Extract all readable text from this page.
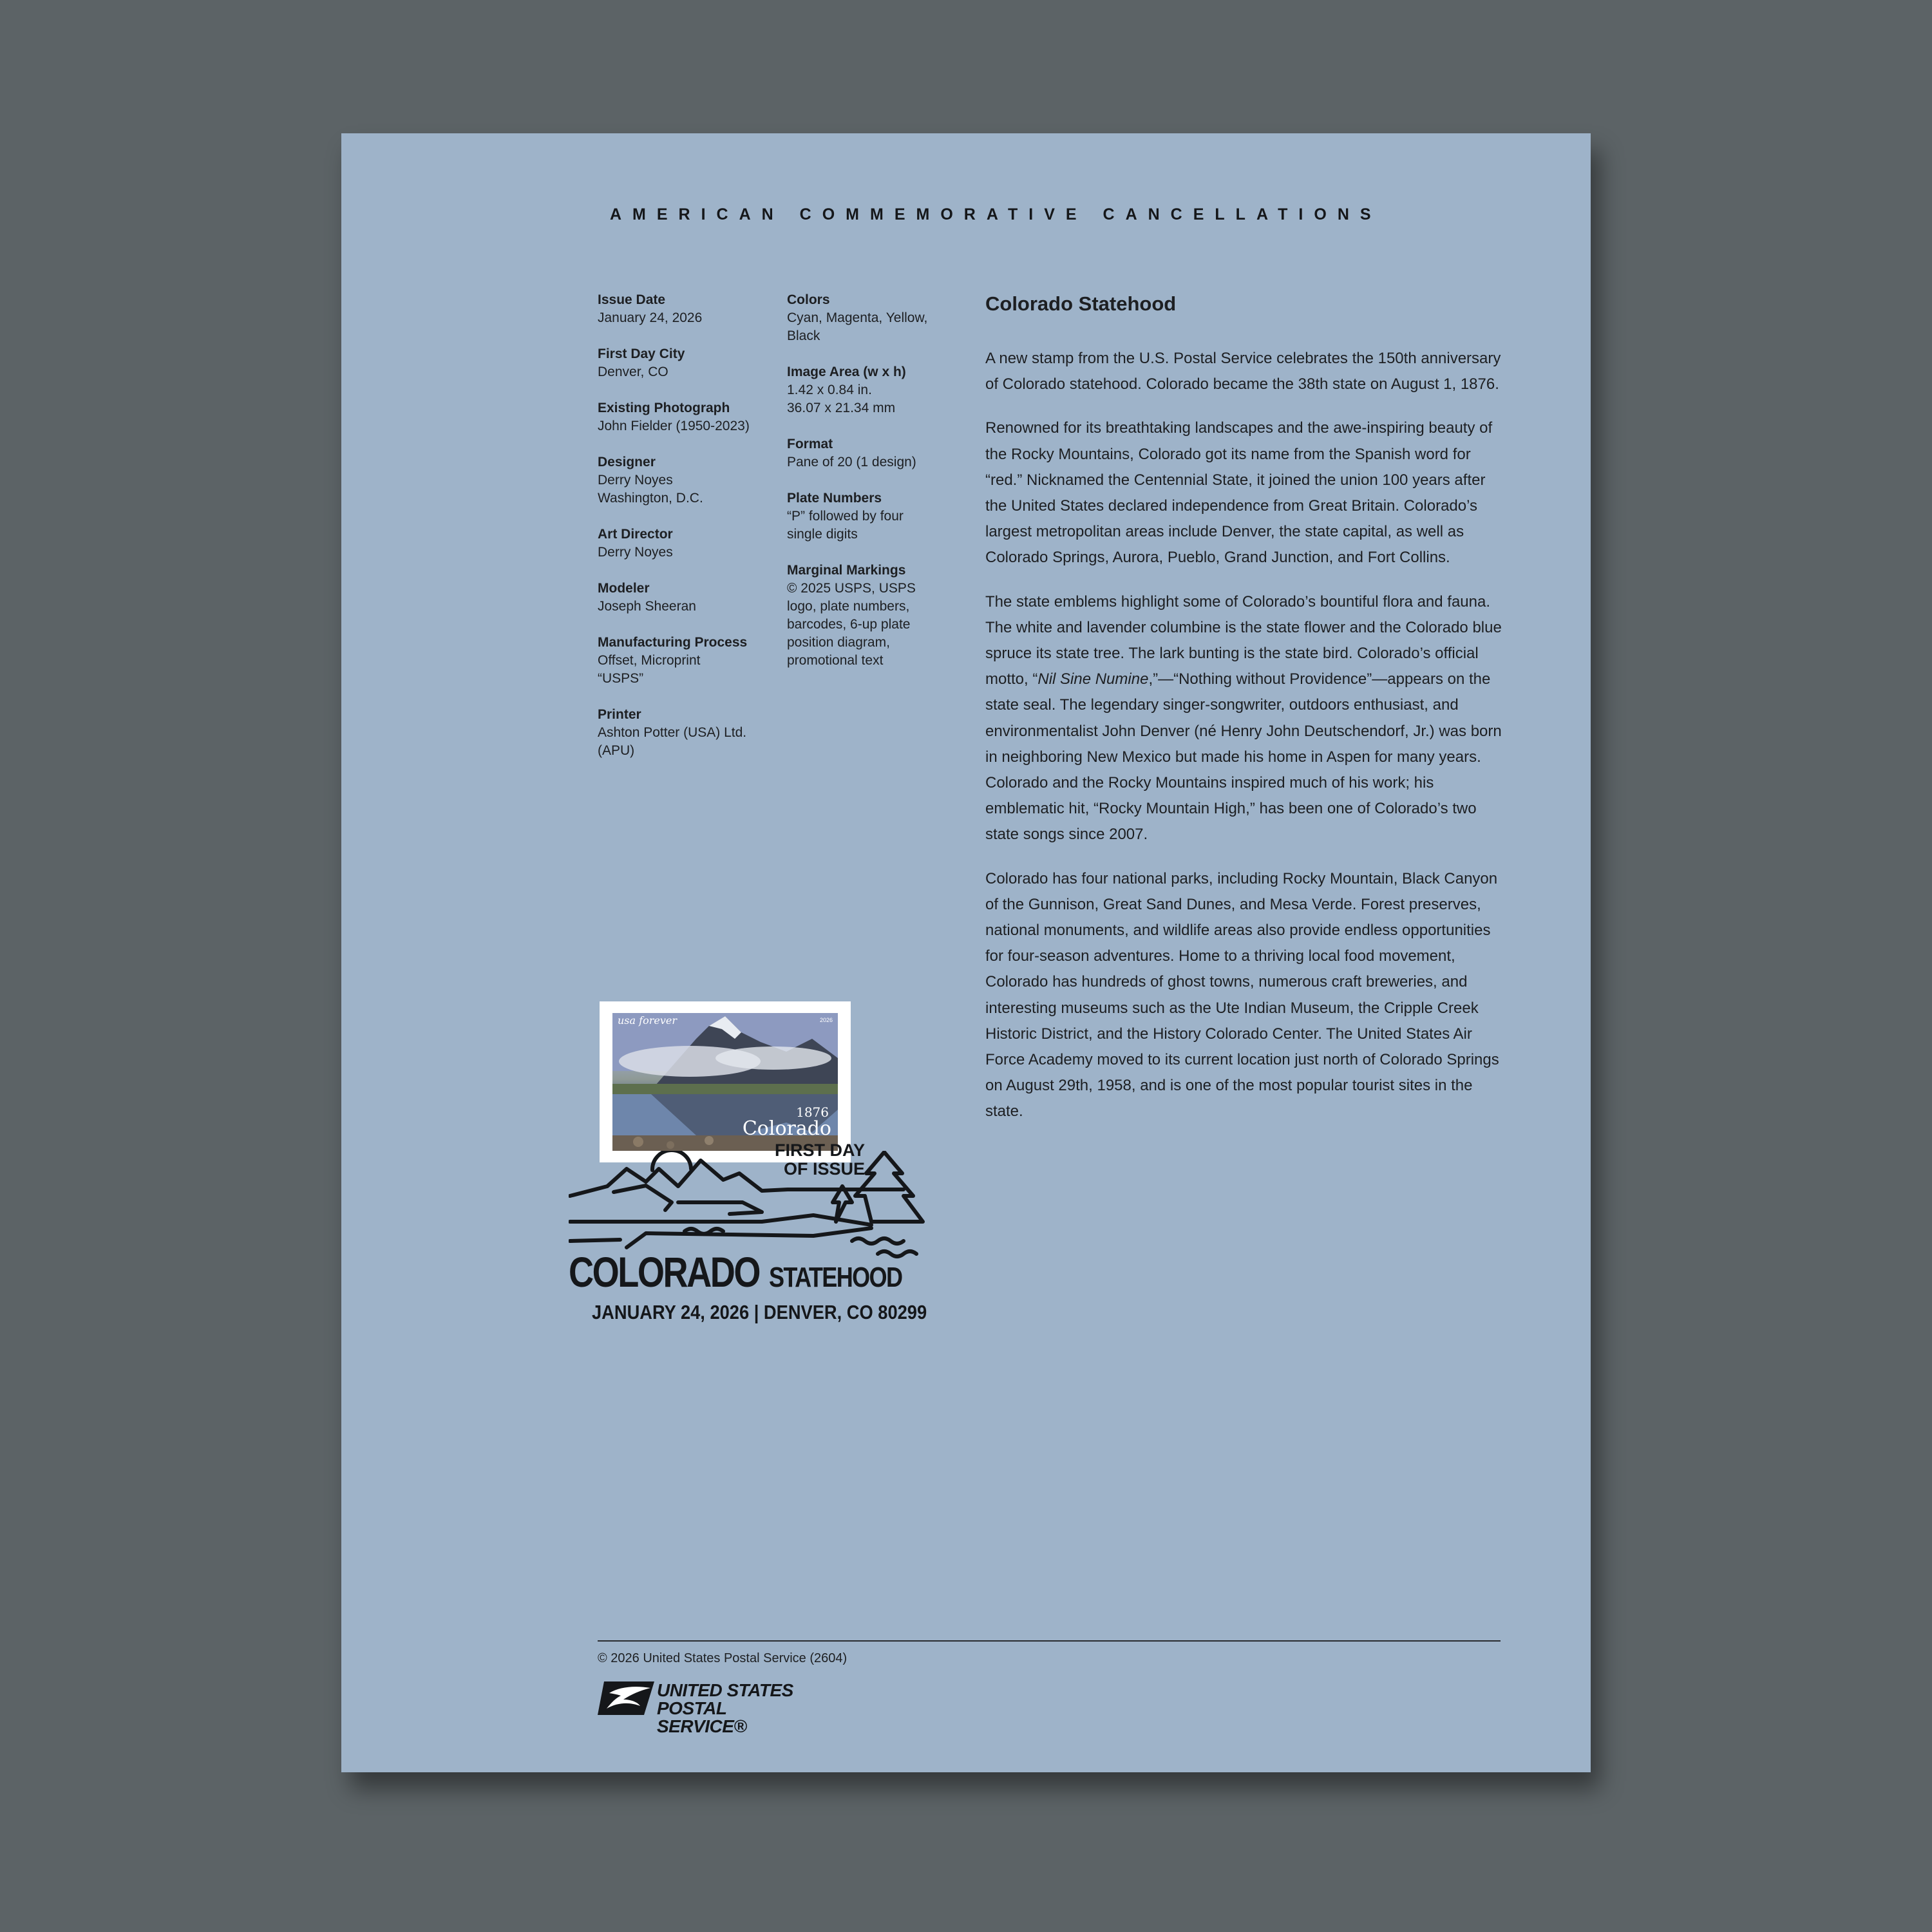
AMERICAN COMMEMORATIVE CANCELLATIONS
Issue Date
January 24, 2026
First Day City
Denver, CO
Existing Photograph
John Fielder (1950-2023)
Designer
Derry Noyes
Washington, D.C.
Art Director
Derry Noyes
Modeler
Joseph Sheeran
Manufacturing Process
Offset, Microprint
“USPS”
Printer
Ashton Potter (USA) Ltd.
(APU)
Colors
Cyan, Magenta, Yellow,
Black
Image Area (w x h)
1.42 x 0.84 in.
36.07 x 21.34 mm
Format
Pane of 20 (1 design)
Plate Numbers
“P” followed by four
single digits
Marginal Markings
© 2025 USPS, USPS
logo, plate numbers,
barcodes, 6-up plate
position diagram,
promotional text
Colorado Statehood

A new stamp from the U.S. Postal Service celebrates the 150th anniversary of Colorado statehood. Colorado became the 38th state on August 1, 1876.

Renowned for its breathtaking landscapes and the awe-inspiring beauty of the Rocky Mountains, Colorado got its name from the Spanish word for “red.” Nicknamed the Centennial State, it joined the union 100 years after the United States declared independence from Great Britain. Colorado’s largest metropolitan areas include Denver, the state capital, as well as Colorado Springs, Aurora, Pueblo, Grand Junction, and Fort Collins.

The state emblems highlight some of Colorado’s bountiful flora and fauna. The white and lavender columbine is the state flower and the Colorado blue spruce its state tree. The lark bunting is the state bird. Colorado’s official motto, “Nil Sine Numine,”—“Nothing without Providence”—appears on the state seal. The legendary singer-songwriter, outdoors enthusiast, and environmentalist John Denver (né Henry John Deutschendorf, Jr.) was born in neighboring New Mexico but made his home in Aspen for many years. Colorado and the Rocky Mountains inspired much of his work; his emblematic hit, “Rocky Mountain High,” has been one of Colorado’s two state songs since 2007.

Colorado has four national parks, including Rocky Mountain, Black Canyon of the Gunnison, Great Sand Dunes, and Mesa Verde. Forest preserves, national monuments, and wildlife areas also provide endless opportunities for four-season adventures. Home to a thriving local food movement, Colorado has hundreds of ghost towns, numerous craft breweries, and interesting museums such as the Ute Indian Museum, the Cripple Creek Historic District, and the History Colorado Center. The United States Air Force Academy moved to its current location just north of Colorado Springs on August 29th, 1958, and is one of the most popular tourist sites in the state.

usa forever	2026
1876
Colorado
FIRST DAY
OF ISSUE
COLORADO STATEHOOD
JANUARY 24, 2026 | DENVER, CO 80299
© 2026 United States Postal Service (2604)
UNITED STATES
POSTAL SERVICE®
